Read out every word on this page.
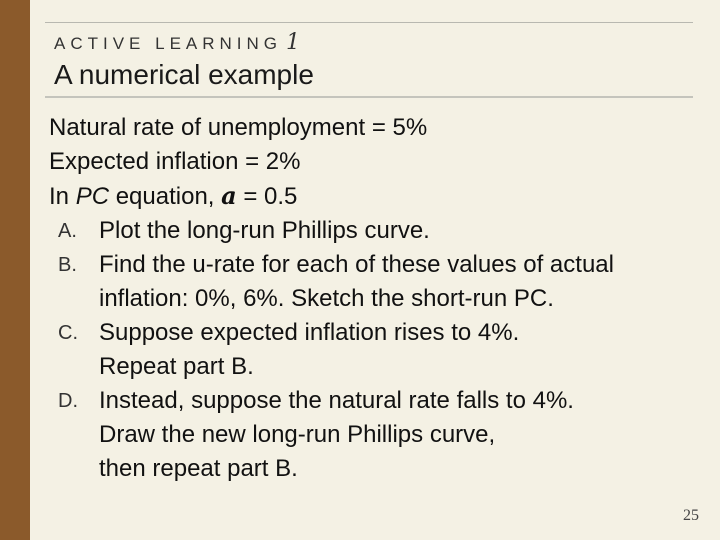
ACTIVE LEARNING 1
A numerical example
Natural rate of unemployment = 5%
Expected inflation = 2%
In PC equation, a = 0.5
A. Plot the long-run Phillips curve.
B. Find the u-rate for each of these values of actual
inflation: 0%, 6%. Sketch the short-run PC.
C. Suppose expected inflation rises to 4%.
Repeat part B.
D. Instead, suppose the natural rate falls to 4%.
Draw the new long-run Phillips curve,
then repeat part B.
25
